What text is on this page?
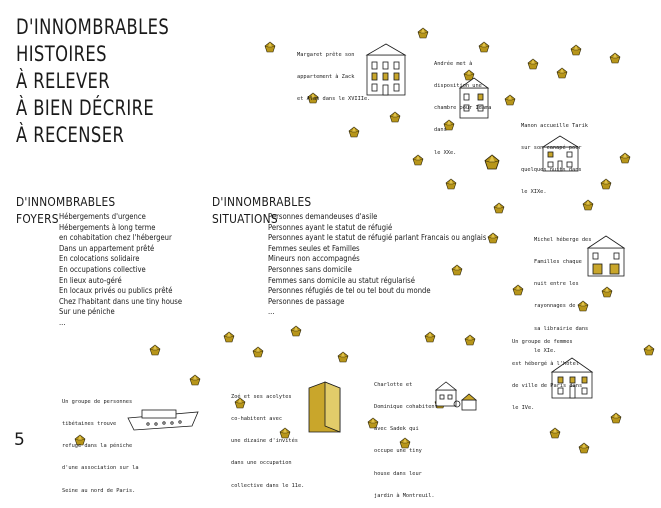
D'INNOMBRABLES
HISTOIRES
À RELEVER
À BIEN DÉCRIRE
À RECENSER
D'INNOMBRABLES
FOYERS Hébergements d'urgence
Hébergements à long terme
en cohabitation chez l'hébergeur
Dans un appartement prêté
En colocations solidaire
En occupations collective
En lieux auto-géré
En locaux privés ou publics prêté
Chez l'habitant dans une tiny house
Sur une péniche
...
D'INNOMBRABLES
SITUATIONS
Personnes demandeuses d'asile
Personnes ayant le statut de réfugié
Personnes ayant le statut de réfugié parlant Francais ou anglais
Femmes seules et Familles
Mineurs non accompagnés
Personnes sans domicile
Femmes sans domicile au statut régularisé
Personnes réfugiés de tel ou tel bout du monde
Personnes de passage
...

Margaret prête son

appartement à Zack

et Alan dans le XVIIIe.

Andrée met à

disposition une

chambre pour Idama

dans

le XXe.

Manon accueille Tarik

sur son canapé pour

quelques nuits dans

le XIXe.

Michel héberge des

Familles chaque

nuit entre les

rayonnages de

sa librairie dans

le XIe.

Un groupe de femmes

est hébergé à l'hôtel

de ville de Paris dans

le IVe.

Un groupe de personnes

tibétaines trouve

refuge dans la péniche

d'une association sur la

Seine au nord de Paris.

Zoé et ses acolytes

co-habitent avec

une dizaine d'invités

dans une occupation

collective dans le 11e.

Charlotte et

Dominique cohabitent

avec Sadek qui

occupe une tiny

house dans leur

jardin à Montreuil.

5
